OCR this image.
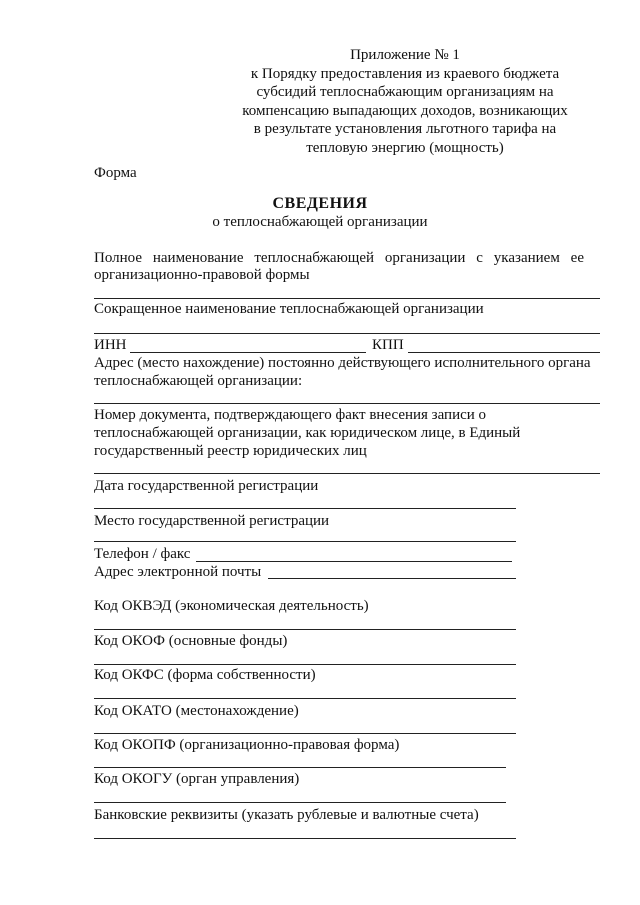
Приложение № 1
к Порядку предоставления из краевого бюджета
субсидий теплоснабжающим организациям на
компенсацию выпадающих доходов, возникающих
в результате установления льготного тарифа на
тепловую энергию (мощность)
Форма
СВЕДЕНИЯ
о теплоснабжающей организации
Полное наименование теплоснабжающей организации с указанием ее
организационно-правовой формы
Сокращенное наименование теплоснабжающей организации
ИНН	КПП
Адрес (место нахождение) постоянно действующего исполнительного органа
теплоснабжающей организации:
Номер документа, подтверждающего факт внесения записи о
теплоснабжающей организации, как юридическом лице, в Единый
государственный реестр юридических лиц
Дата государственной регистрации
Место государственной регистрации
Телефон / факс
Адрес электронной почты
Код ОКВЭД (экономическая деятельность)
Код ОКОФ (основные фонды)
Код ОКФС (форма собственности)
Код ОКАТО (местонахождение)
Код ОКОПФ (организационно-правовая форма)
Код ОКОГУ (орган управления)
Банковские реквизиты (указать рублевые и валютные счета)
